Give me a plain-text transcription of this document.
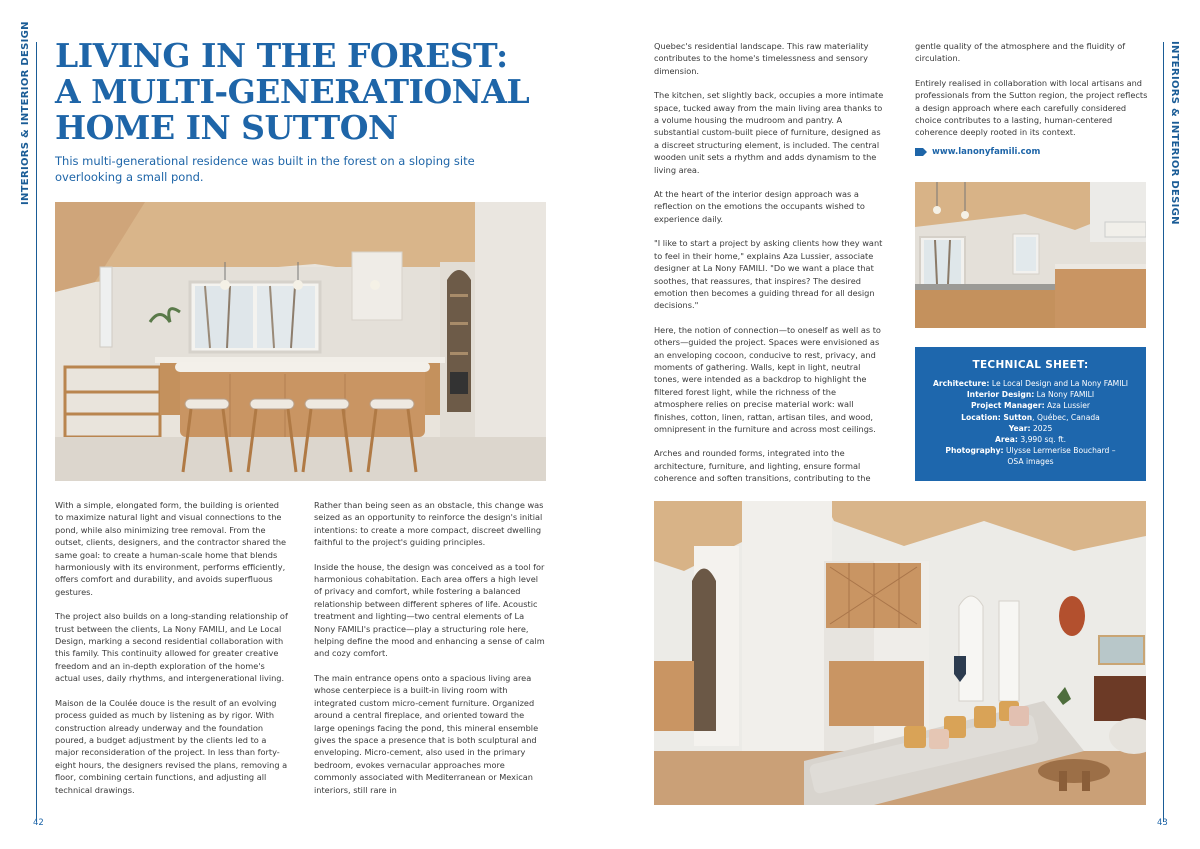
INTERIORS & INTERIOR DESIGN	INTERIORS & INTERIOR DESIGN
LIVING IN THE FOREST:
A MULTI-GENERATIONAL
HOME IN SUTTON
This multi-generational residence was built in the forest on a sloping site overlooking a small pond.

With a simple, elongated form, the building is oriented to maximize natural light and visual connections to the pond, while also minimizing tree removal. From the outset, clients, designers, and the contractor shared the same goal: to create a human-scale home that blends harmoniously with its environment, performs efficiently, offers comfort and durability, and avoids superfluous gestures.

The project also builds on a long-standing relationship of trust between the clients, La Nony FAMILI, and Le Local Design, marking a second residential collaboration with this family. This continuity allowed for greater creative freedom and an in-depth exploration of the home's actual uses, daily rhythms, and intergenerational living.

Maison de la Coulée douce is the result of an evolving process guided as much by listening as by rigor. With construction already underway and the foundation poured, a budget adjustment by the clients led to a major reconsideration of the project. In less than forty-eight hours, the designers revised the plans, removing a floor, combining certain functions, and adjusting all technical drawings.

Rather than being seen as an obstacle, this change was seized as an opportunity to reinforce the design's initial intentions: to create a more compact, discreet dwelling faithful to the project's guiding principles.

Inside the house, the design was conceived as a tool for harmonious cohabitation. Each area offers a high level of privacy and comfort, while fostering a balanced relationship between different spheres of life. Acoustic treatment and lighting—two central elements of La Nony FAMILI's practice—play a structuring role here, helping define the mood and enhancing a sense of calm and cozy comfort.

The main entrance opens onto a spacious living area whose centerpiece is a built-in living room with integrated custom micro-cement furniture. Organized around a central fireplace, and oriented toward the large openings facing the pond, this mineral ensemble gives the space a presence that is both sculptural and enveloping. Micro-cement, also used in the primary bedroom, evokes vernacular approaches more commonly associated with Mediterranean or Mexican interiors, still rare in

Quebec's residential landscape. This raw materiality contributes to the home's timelessness and sensory dimension.

The kitchen, set slightly back, occupies a more intimate space, tucked away from the main living area thanks to a volume housing the mudroom and pantry. A substantial custom-built piece of furniture, designed as a discreet structuring element, is included. The central wooden unit sets a rhythm and adds dynamism to the living area.

At the heart of the interior design approach was a reflection on the emotions the occupants wished to experience daily.

"I like to start a project by asking clients how they want to feel in their home," explains Aza Lussier, associate designer at La Nony FAMILI. "Do we want a place that soothes, that reassures, that inspires? The desired emotion then becomes a guiding thread for all design decisions."

Here, the notion of connection—to oneself as well as to others—guided the project. Spaces were envisioned as an enveloping cocoon, conducive to rest, privacy, and moments of gathering. Walls, kept in light, neutral tones, were intended as a backdrop to highlight the filtered forest light, while the richness of the atmosphere relies on precise material work: wall finishes, cotton, linen, rattan, artisan tiles, and wood, omnipresent in the furniture and across most ceilings.

Arches and rounded forms, integrated into the architecture, furniture, and lighting, ensure formal coherence and soften transitions, contributing to the

gentle quality of the atmosphere and the fluidity of circulation.

Entirely realised in collaboration with local artisans and professionals from the Sutton region, the project reflects a design approach where each carefully considered choice contributes to a lasting, human-centered coherence deeply rooted in its context.

www.lanonyfamili.com
TECHNICAL SHEET:
Architecture: Le Local Design and La Nony FAMILI
Interior Design: La Nony FAMILI
Project Manager: Aza Lussier
Location: Sutton, Québec, Canada
Year: 2025
Area: 3,990 sq. ft.
Photography: Ulysse Lermerise Bouchard –
OSA images
42	43
